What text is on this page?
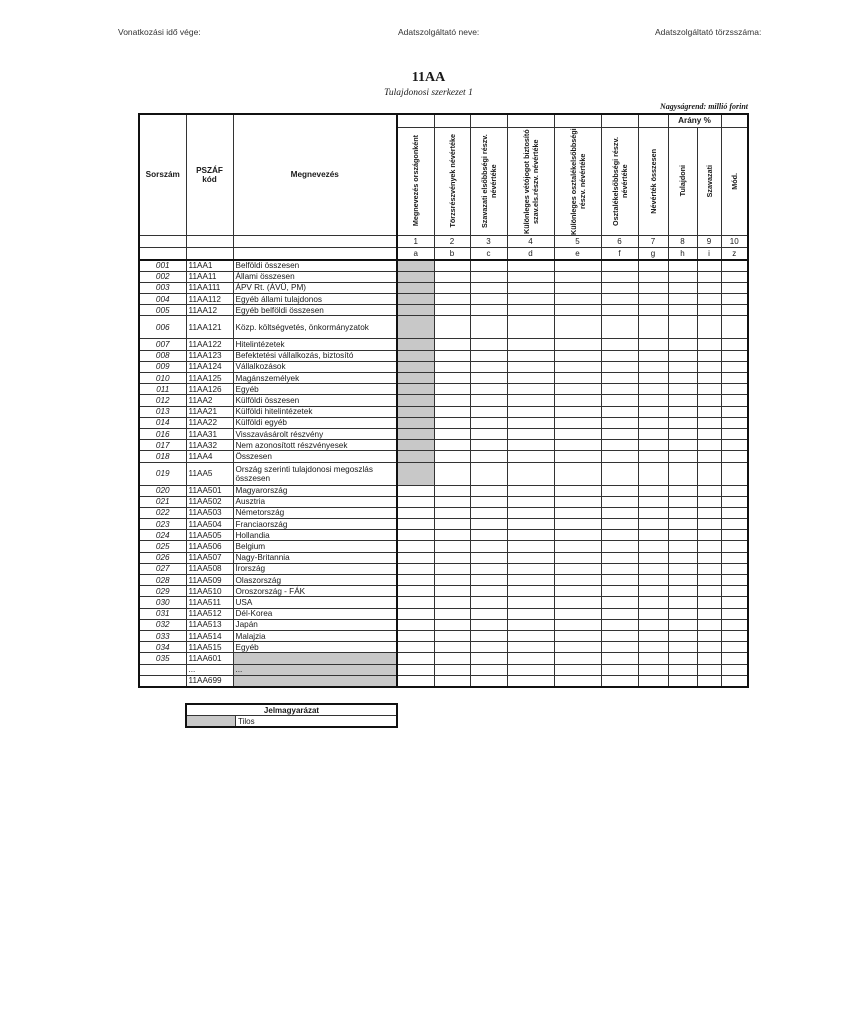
Vonatkozási idő vége:	Adatszolgáltató neve:	Adatszolgáltató törzsszáma:
11AA
Tulajdonosi szerkezet 1
Nagyságrend: millió forint
Sorszám	PSZÁF kód	Megnevezés								Arány %		

			Megnevezés országonként	Törzsrészvények névértéke	Szavazati elsőbbségi részv. névértéke	Különleges vétójogot biztosító szav.els.részv. névértéke	Különleges osztalékelsőbbségi részv. névértéke	Osztalékelsőbbségi részv. névértéke	Névérték összesen	Tulajdoni	Szavazati	Mód.

			1	2	3	4	5	6	7	8	9	10
			a	b	c	d	e	f	g	h	i	z
001	11AA1	Belföldi összesen										
002	11AA11	Állami összesen										
003	11AA111	ÁPV Rt. (ÁVÜ, PM)										
004	11AA112	Egyéb állami tulajdonos										
005	11AA12	Egyéb belföldi összesen										
006	11AA121	Közp. költségvetés, önkormányzatok										
007	11AA122	Hitelintézetek										
008	11AA123	Befektetési vállalkozás, biztosító										
009	11AA124	Vállalkozások										
010	11AA125	Magánszemélyek										
011	11AA126	Egyéb										
012	11AA2	Külföldi összesen										
013	11AA21	Külföldi hitelintézetek										
014	11AA22	Külföldi egyéb										
016	11AA31	Visszavásárolt részvény										
017	11AA32	Nem azonosított részvényesek										
018	11AA4	Összesen										
019	11AA5	Ország szerinti tulajdonosi megoszlás összesen										
020	11AA501	Magyarország										
021	11AA502	Ausztria										
022	11AA503	Németország										
023	11AA504	Franciaország										
024	11AA505	Hollandia										
025	11AA506	Belgium										
026	11AA507	Nagy-Britannia										
027	11AA508	Írország										
028	11AA509	Olaszország										
029	11AA510	Oroszország - FÁK										
030	11AA511	USA										
031	11AA512	Dél-Korea										
032	11AA513	Japán										
033	11AA514	Malajzia										
034	11AA515	Egyéb										
035	11AA601											
	...	...										
	11AA699											
Jelmagyarázat
	Tilos
